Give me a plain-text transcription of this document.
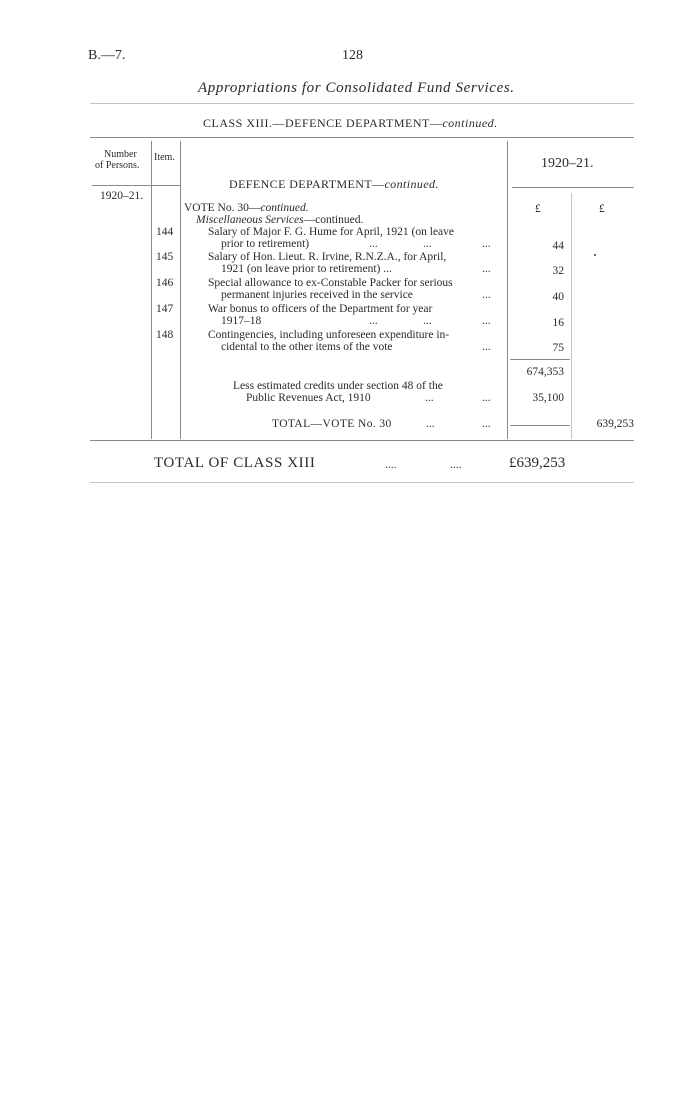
B.—7.	128
Appropriations for Consolidated Fund Services.
CLASS XIII.—DEFENCE DEPARTMENT—continued.
Number
of Persons.
Item.	1920–21.
DEFENCE DEPARTMENT—continued.
1920–21.
£	£
VOTE No. 30—continued.
Miscellaneous Services—continued.
144	Salary of Major F. G. Hume for April, 1921 (on leave
prior to retirement)	...	...	...	44
145	Salary of Hon. Lieut. R. Irvine, R.N.Z.A., for April,
1921 (on leave prior to retirement) ...	...	32
146	Special allowance to ex-Constable Packer for serious
permanent injuries received in the service	...	40
147	War bonus to officers of the Department for year
1917–18	...	...	...	16
148	Contingencies, including unforeseen expenditure in-
cidental to the other items of the vote	...	75
674,353
Less estimated credits under section 48 of the
Public Revenues Act, 1910	...	...	35,100
TOTAL—VOTE No. 30	...	...	639,253
TOTAL OF CLASS XIII	....	....	£639,253
